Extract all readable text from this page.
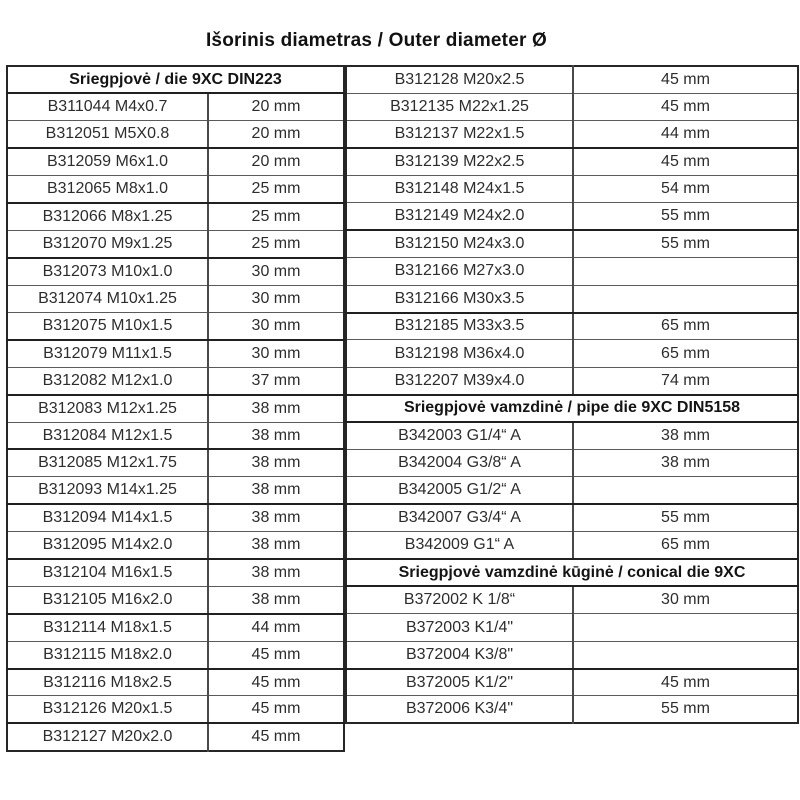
Išorinis diametras / Outer diameter Ø
Sriegpjovė / die 9XC DIN223	
B311044 M4x0.7	20 mm
B312051 M5X0.8	20 mm
B312059 M6x1.0	20 mm
B312065 M8x1.0	25 mm
B312066 M8x1.25	25 mm
B312070 M9x1.25	25 mm
B312073 M10x1.0	30 mm
B312074 M10x1.25	30 mm
B312075 M10x1.5	30 mm
B312079 M11x1.5	30 mm
B312082 M12x1.0	37 mm
B312083 M12x1.25	38 mm
B312084 M12x1.5	38 mm
B312085 M12x1.75	38 mm
B312093 M14x1.25	38 mm
B312094 M14x1.5	38 mm
B312095 M14x2.0	38 mm
B312104 M16x1.5	38 mm
B312105 M16x2.0	38 mm
B312114 M18x1.5	44 mm
B312115 M18x2.0	45 mm
B312116 M18x2.5	45 mm
B312126 M20x1.5	45 mm
B312127 M20x2.0	45 mm
B312128 M20x2.5	45 mm
B312135 M22x1.25	45 mm
B312137 M22x1.5	44 mm
B312139 M22x2.5	45 mm
B312148 M24x1.5	54 mm
B312149 M24x2.0	55 mm
B312150 M24x3.0	55 mm
B312166 M27x3.0	
B312166 M30x3.5	
B312185 M33x3.5	65 mm
B312198 M36x4.0	65 mm
B312207 M39x4.0	74 mm
Sriegpjovė vamzdinė / pipe die 9XC DIN5158	
B342003 G1/4“ A	38 mm
B342004 G3/8“ A	38 mm
B342005 G1/2“ A	
B342007 G3/4“ A	55 mm
B342009 G1“ A	65 mm
Sriegpjovė vamzdinė kūginė / conical die 9XC	
B372002 K 1/8“	30 mm
B372003 K1/4"	
B372004 K3/8"	
B372005 K1/2"	45 mm
B372006 K3/4"	55 mm
